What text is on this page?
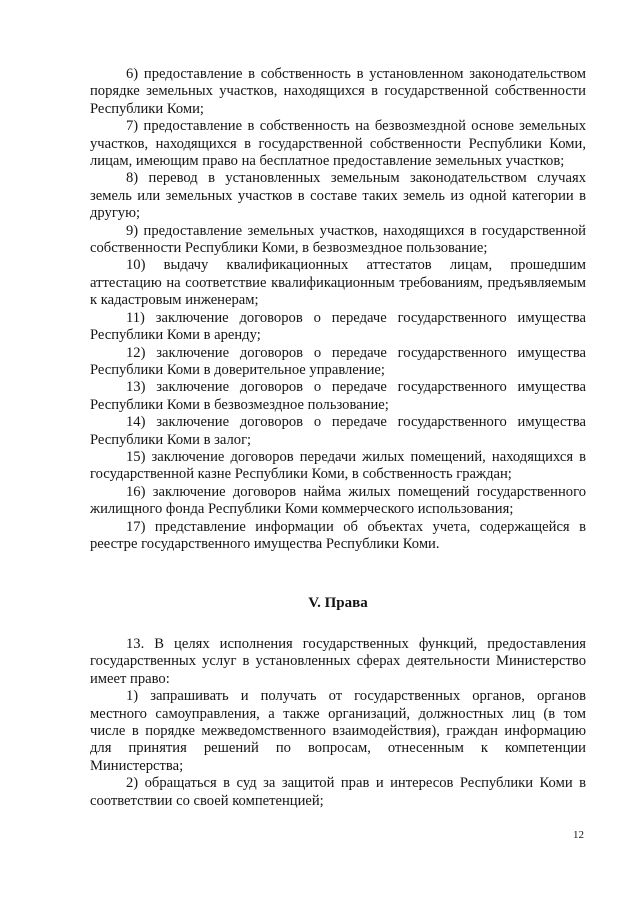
6) предоставление в собственность в установленном законодательством порядке земельных участков, находящихся в государственной собственности Республики Коми;

7) предоставление в собственность на безвозмездной основе земельных участков, находящихся в государственной собственности Республики Коми, лицам, имеющим право на бесплатное предоставление земельных участков;

8) перевод в установленных земельным законодательством случаях земель или земельных участков в составе таких земель из одной категории в другую;

9) предоставление земельных участков, находящихся в государственной собственности Республики Коми, в безвозмездное пользование;

10) выдачу квалификационных аттестатов лицам, прошедшим аттестацию на соответствие квалификационным требованиям, предъявляемым к кадастровым инженерам;

11) заключение договоров о передаче государственного имущества Республики Коми в аренду;

12) заключение договоров о передаче государственного имущества Республики Коми в доверительное управление;

13) заключение договоров о передаче государственного имущества Республики Коми в безвозмездное пользование;

14) заключение договоров о передаче государственного имущества Республики Коми в залог;

15) заключение договоров передачи жилых помещений, находящихся в государственной казне Республики Коми, в собственность граждан;

16) заключение договоров найма жилых помещений государственного жилищного фонда Республики Коми коммерческого использования;

17) представление информации об объектах учета, содержащейся в реестре государственного имущества Республики Коми.

V. Права

13. В целях исполнения государственных функций, предоставления государственных услуг в установленных сферах деятельности Министерство имеет право:

1) запрашивать и получать от государственных органов, органов местного самоуправления, а также организаций, должностных лиц (в том числе в порядке межведомственного взаимодействия), граждан информацию для принятия решений по вопросам, отнесенным к компетенции Министерства;

2) обращаться в суд за защитой прав и интересов Республики Коми в соответствии со своей компетенцией;

12
